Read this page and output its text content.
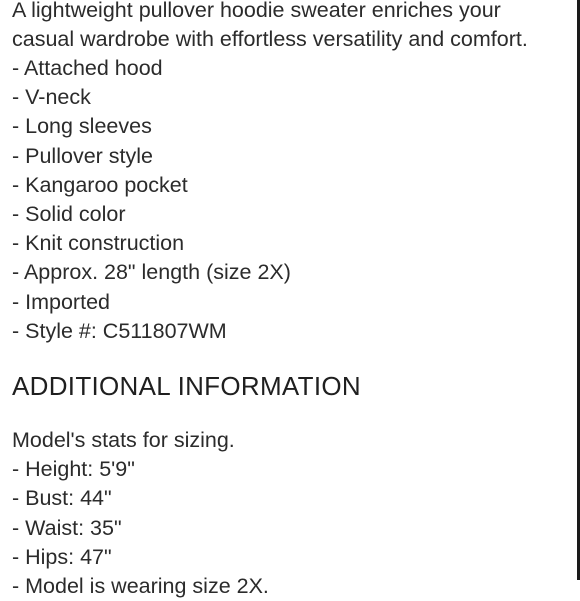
A lightweight pullover hoodie sweater enriches your casual wardrobe with effortless versatility and comfort.

- Attached hood
- V-neck
- Long sleeves
- Pullover style
- Kangaroo pocket
- Solid color
- Knit construction
- Approx. 28" length (size 2X)
- Imported
- Style #: C511807WM
ADDITIONAL INFORMATION

Model's stats for sizing.

- Height: 5'9"
- Bust: 44"
- Waist: 35"
- Hips: 47"
- Model is wearing size 2X.
